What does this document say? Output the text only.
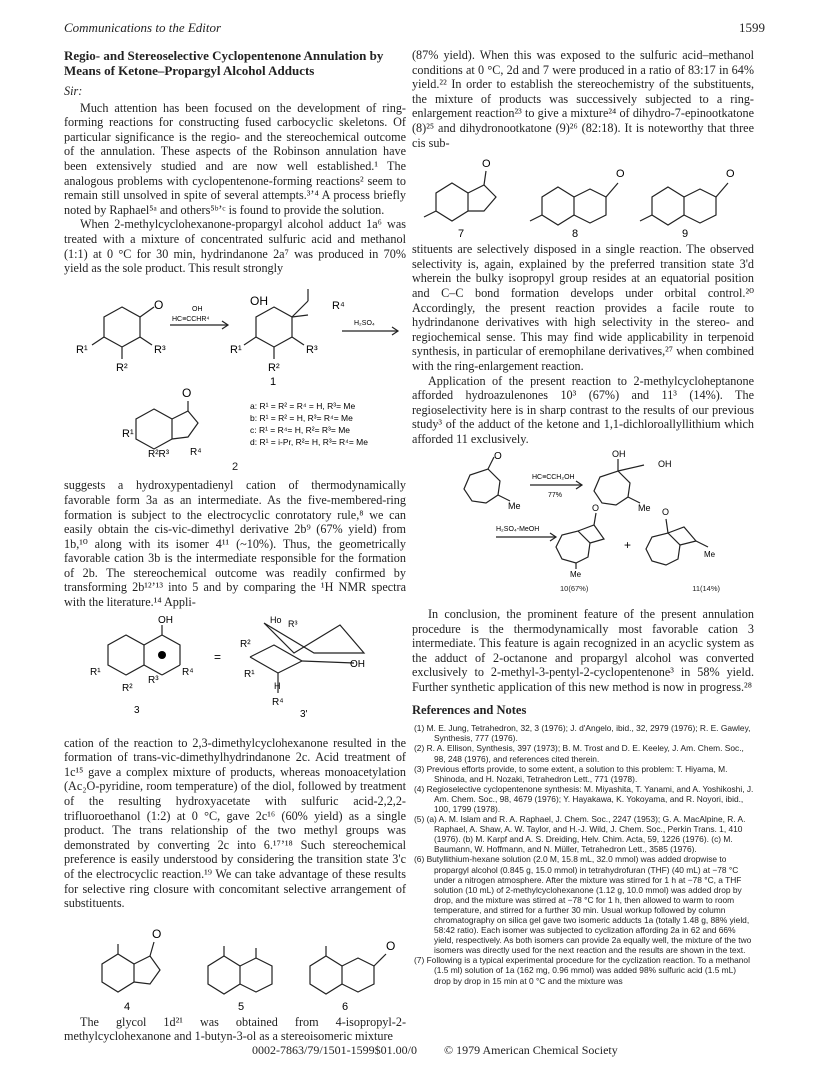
Communications to the Editor	1599

Regio- and Stereoselective Cyclopentenone Annulation by Means of Ketone–Propargyl Alcohol Adducts

Sir:

Much attention has been focused on the development of ring-forming reactions for constructing fused carbocyclic skeletons. Of particular significance is the regio- and the stereochemical outcome of the annulation. These aspects of the Robinson annulation have been extensively studied and are now well established.¹ The analogous problems with cyclopentenone-forming reactions² seem to remain still unsolved in spite of several attempts.³ʼ⁴ A process briefly noted by Raphael⁵ᵃ and others⁵ᵇʼᶜ is found to provide the solution.

When 2-methylcyclohexanone-propargyl alcohol adduct 1a⁶ was treated with a mixture of concentrated sulfuric acid and methanol (1:1) at 0 °C for 30 min, hydrindanone 2a⁷ was produced in 70% yield as the sole product. This result strongly

O
R¹
R²
R³
OH
HC≡CCHR⁴
OH	R⁴
R¹
R²
R³
1
H₂SO₄
O
R¹
R²R³ R⁴
a: R¹ = R² = R⁴ = H, R³= Me
b: R¹ = R² = H, R³= R⁴= Me
c: R¹ = R⁴= H, R²= R³= Me
d: R¹ = i-Pr, R²= H, R³= R⁴= Me
2

suggests a hydroxypentadienyl cation of thermodynamically favorable form 3a as an intermediate. As the five-membered-ring formation is subject to the electrocyclic conrotatory rule,⁸ we can easily obtain the cis-vic-dimethyl derivative 2b⁹ (67% yield) from 1b,¹⁰ along with its isomer 4¹¹ (~10%). Thus, the geometrically favorable cation 3b is the intermediate responsible for the formation of 2b. The stereochemical outcome was readily confirmed by transforming 2b¹²ʼ¹³ into 5 and by comparing the ¹H NMR spectra with the literature.¹⁴ Appli-

OH
R¹
R²
R³
R⁴
3
=
Ho R³
R²
R¹
OH
H
R⁴
3'

cation of the reaction to 2,3-dimethylcyclohexanone resulted in the formation of trans-vic-dimethylhydrindanone 2c. Acid treatment of 1c¹⁵ gave a complex mixture of products, whereas monoacetylation (Ac₂O-pyridine, room temperature) of the diol, followed by treatment of the resulting hydroxyacetate with sulfuric acid-2,2,2-trifluoroethanol (1:2) at 0 °C, gave 2c¹⁶ (60% yield) as a single product. The trans relationship of the two methyl groups was demonstrated by converting 2c into 6.¹⁷ʼ¹⁸ Such stereochemical preference is easily understood by considering the transition state 3'c of the electrocyclic reaction.¹⁹ We can take advantage of these results for selective ring closure with concomitant selective arrangement of substituents.

O
4	5
O
6

The glycol 1d²¹ was obtained from 4-isopropyl-2-methylcyclohexanone and 1-butyn-3-ol as a stereoisomeric mixture

(87% yield). When this was exposed to the sulfuric acid–methanol conditions at 0 °C, 2d and 7 were produced in a ratio of 83:17 in 64% yield.²² In order to establish the stereochemistry of the substituents, the mixture of products was successively subjected to a ring-enlargement reaction²³ to give a mixture²⁴ of dihydro-7-epinootkatone (8)²⁵ and dihydronootkatone (9)²⁶ (82:18). It is noteworthy that three cis sub-

O
7
O
8
O
9

stituents are selectively disposed in a single reaction. The observed selectivity is, again, explained by the preferred transition state 3'd wherein the bulky isopropyl group resides at an equatorial position and C–C bond formation develops under orbital control.²⁰ Accordingly, the present reaction provides a facile route to hydrindanone derivatives with high selectivity in the stereo- and regiochemical sense. This may find wide applicability in terpenoid synthesis, in particular of eremophilane derivatives,²⁷ when combined with the ring-enlargement reaction.

Application of the present reaction to 2-methylcycloheptanone afforded hydroazulenones 10³ (67%) and 11³ (14%). The regioselectivity here is in sharp contrast to the results of our previous study³ of the adduct of the ketone and 1,1-dichloroallyllithium which afforded 11 exclusively.

O
Me
HC≡CCH₂OH
77%
OH
OH
Me
H₂SO₄-MeOH
O
Me
+
O
Me
10(67%)	11(14%)

In conclusion, the prominent feature of the present annulation procedure is the thermodynamically most favorable cation 3 intermediate. This feature is again recognized in an acyclic system as the adduct of 2-octanone and propargyl alcohol was converted exclusively to 2-methyl-3-pentyl-2-cyclopentenone³ in 58% yield. Further synthetic application of this new method is now in progress.²⁸

References and Notes

(1) M. E. Jung, Tetrahedron, 32, 3 (1976); J. d'Angelo, ibid., 32, 2979 (1976); R. E. Gawley, Synthesis, 777 (1976).

(2) R. A. Ellison, Synthesis, 397 (1973); B. M. Trost and D. E. Keeley, J. Am. Chem. Soc., 98, 248 (1976), and references cited therein.

(3) Previous efforts provide, to some extent, a solution to this problem: T. Hiyama, M. Shinoda, and H. Nozaki, Tetrahedron Lett., 771 (1978).

(4) Regioselective cyclopentenone synthesis: M. Miyashita, T. Yanami, and A. Yoshikoshi, J. Am. Chem. Soc., 98, 4679 (1976); Y. Hayakawa, K. Yokoyama, and R. Noyori, ibid., 100, 1799 (1978).

(5) (a) A. M. Islam and R. A. Raphael, J. Chem. Soc., 2247 (1953); G. A. MacAlpine, R. A. Raphael, A. Shaw, A. W. Taylor, and H.-J. Wild, J. Chem. Soc., Perkin Trans. 1, 410 (1976). (b) M. Karpf and A. S. Dreiding, Helv. Chim. Acta, 59, 1226 (1976). (c) M. Baumann, W. Hoffmann, and N. Müller, Tetrahedron Lett., 3585 (1976).

(6) Butyllithium-hexane solution (2.0 M, 15.8 mL, 32.0 mmol) was added dropwise to propargyl alcohol (0.845 g, 15.0 mmol) in tetrahydrofuran (THF) (40 mL) at −78 °C under a nitrogen atmosphere. After the mixture was stirred for 1 h at −78 °C, a THF solution (10 mL) of 2-methylcyclohexanone (1.12 g, 10.0 mmol) was added drop by drop, and the mixture was stirred at −78 °C for 1 h, then allowed to warm to room temperature, and stirred for a further 30 min. Usual workup followed by column chromatography on silica gel gave two isomeric adducts 1a (totally 1.48 g, 88% yield, 58:42 ratio). Each isomer was subjected to cyclization affording 2a in 62 and 66% yield, respectively. As both isomers can provide 2a equally well, the mixture of the two isomers was directly used for the next reaction and the results are shown in the text.

(7) Following is a typical experimental procedure for the cyclization reaction. To a methanol (1.5 ml) solution of 1a (162 mg, 0.96 mmol) was added 98% sulfuric acid (1.5 mL) drop by drop in 15 min at 0 °C and the mixture was

0002-7863/79/1501-1599$01.00/0 © 1979 American Chemical Society
